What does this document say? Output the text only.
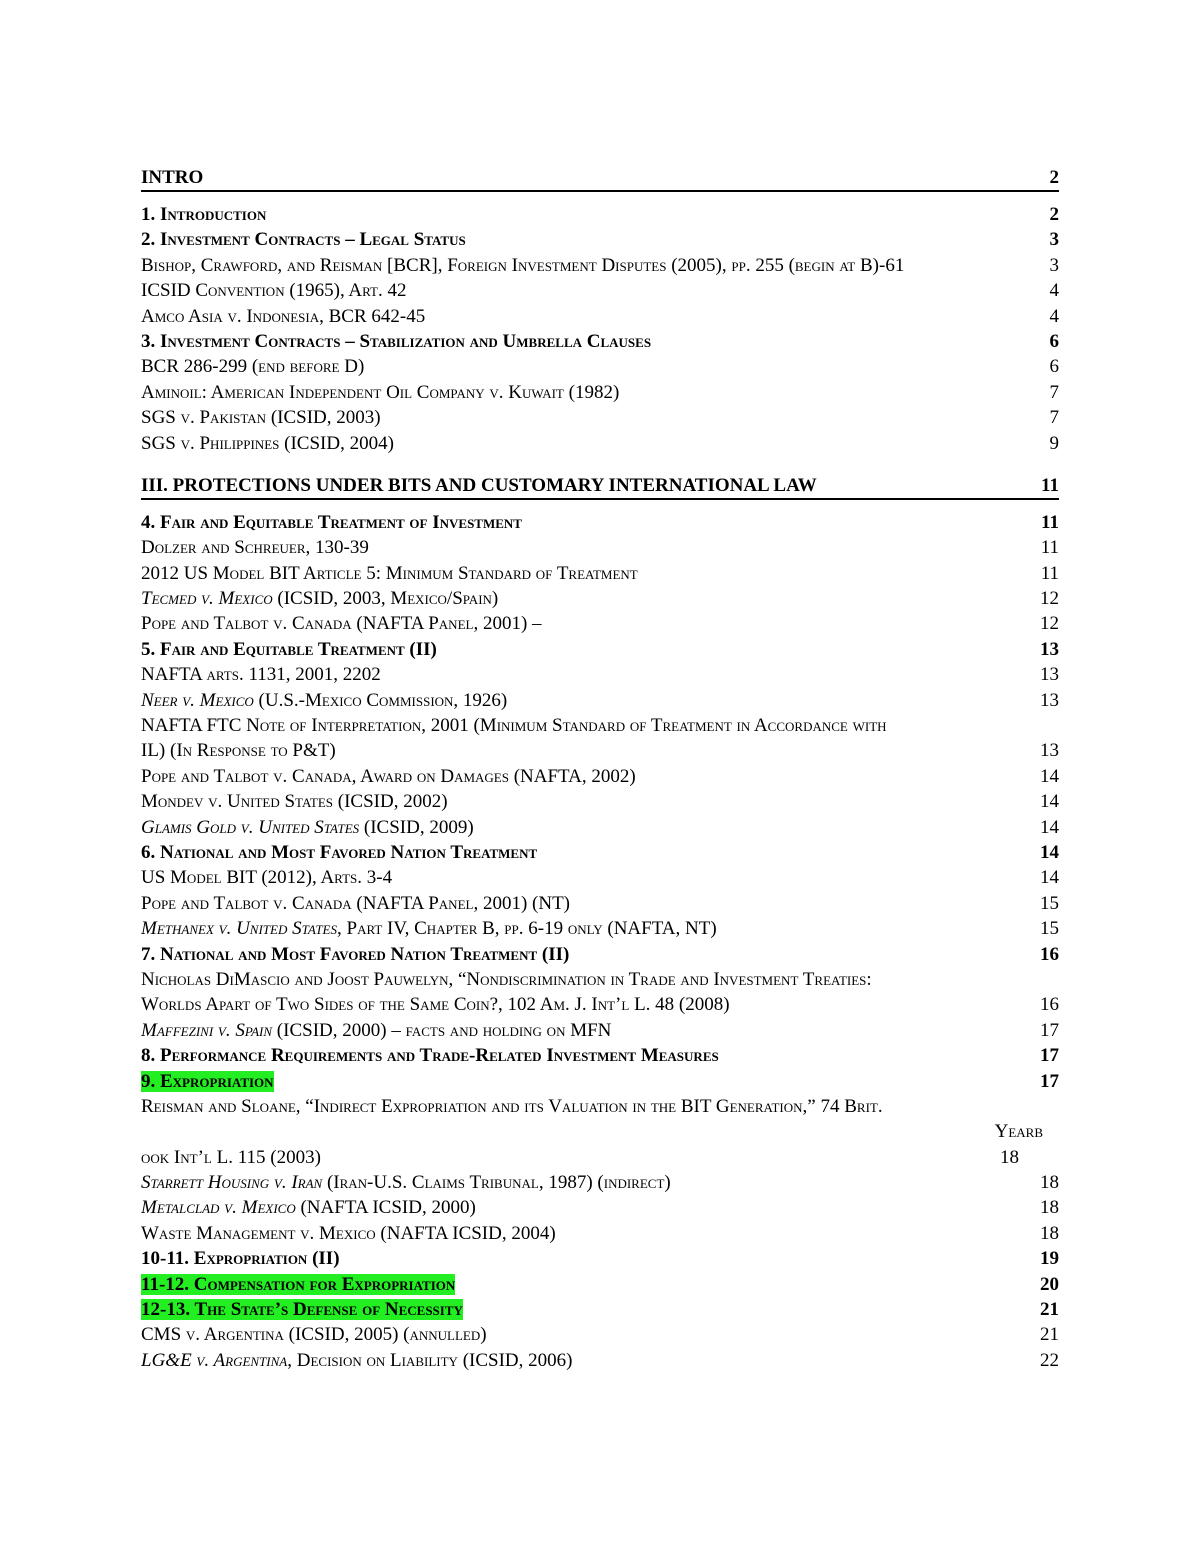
INTRO	2
1. Introduction	2
2. Investment Contracts – Legal Status	3
Bishop, Crawford, and Reisman [BCR], Foreign Investment Disputes (2005), pp. 255 (begin at B)-61	3
ICSID Convention (1965), Art. 42	4
Amco Asia v. Indonesia, BCR 642-45	4
3. Investment Contracts – Stabilization and Umbrella Clauses	6
BCR 286-299 (end before D)	6
Aminoil: American Independent Oil Company v. Kuwait (1982)	7
SGS v. Pakistan (ICSID, 2003)	7
SGS v. Philippines (ICSID, 2004)	9
III. PROTECTIONS UNDER BITS AND CUSTOMARY INTERNATIONAL LAW	11
4. Fair and Equitable Treatment of Investment	11
Dolzer and Schreuer, 130-39	11
2012 US Model BIT Article 5: Minimum Standard of Treatment	11
Tecmed v. Mexico (ICSID, 2003, Mexico/Spain)	12
Pope and Talbot v. Canada (NAFTA Panel, 2001) –	12
5. Fair and Equitable Treatment (II)	13
NAFTA arts. 1131, 2001, 2202	13
Neer v. Mexico (U.S.-Mexico Commission, 1926)	13
NAFTA FTC Note of Interpretation, 2001 (Minimum Standard of Treatment in Accordance with
IL) (In Response to P&T)	13
Pope and Talbot v. Canada, Award on Damages (NAFTA, 2002)	14
Mondev v. United States (ICSID, 2002)	14
Glamis Gold v. United States (ICSID, 2009)	14
6. National and Most Favored Nation Treatment	14
US Model BIT (2012), Arts. 3-4	14
Pope and Talbot v. Canada (NAFTA Panel, 2001) (NT)	15
Methanex v. United States, Part IV, Chapter B, pp. 6-19 only (NAFTA, NT)	15
7. National and Most Favored Nation Treatment (II)	16
Nicholas DiMascio and Joost Pauwelyn, “Nondiscrimination in Trade and Investment Treaties:
Worlds Apart of Two Sides of the Same Coin?, 102 Am. J. Int’l L. 48 (2008)	16
Maffezini v. Spain (ICSID, 2000) – facts and holding on MFN	17
8. Performance Requirements and Trade-Related Investment Measures	17
9. Expropriation	17
Reisman and Sloane, “Indirect Expropriation and its Valuation in the BIT Generation,” 74 Brit.
Yearb
ook Int’l L. 115 (2003)	18
Starrett Housing v. Iran (Iran-U.S. Claims Tribunal, 1987) (indirect)	18
Metalclad v. Mexico (NAFTA ICSID, 2000)	18
Waste Management v. Mexico (NAFTA ICSID, 2004)	18
10-11. Expropriation (II)	19
11-12. Compensation for Expropriation	20
12-13. The State’s Defense of Necessity	21
CMS v. Argentina (ICSID, 2005) (annulled)	21
LG&E v. Argentina, Decision on Liability (ICSID, 2006)	22
